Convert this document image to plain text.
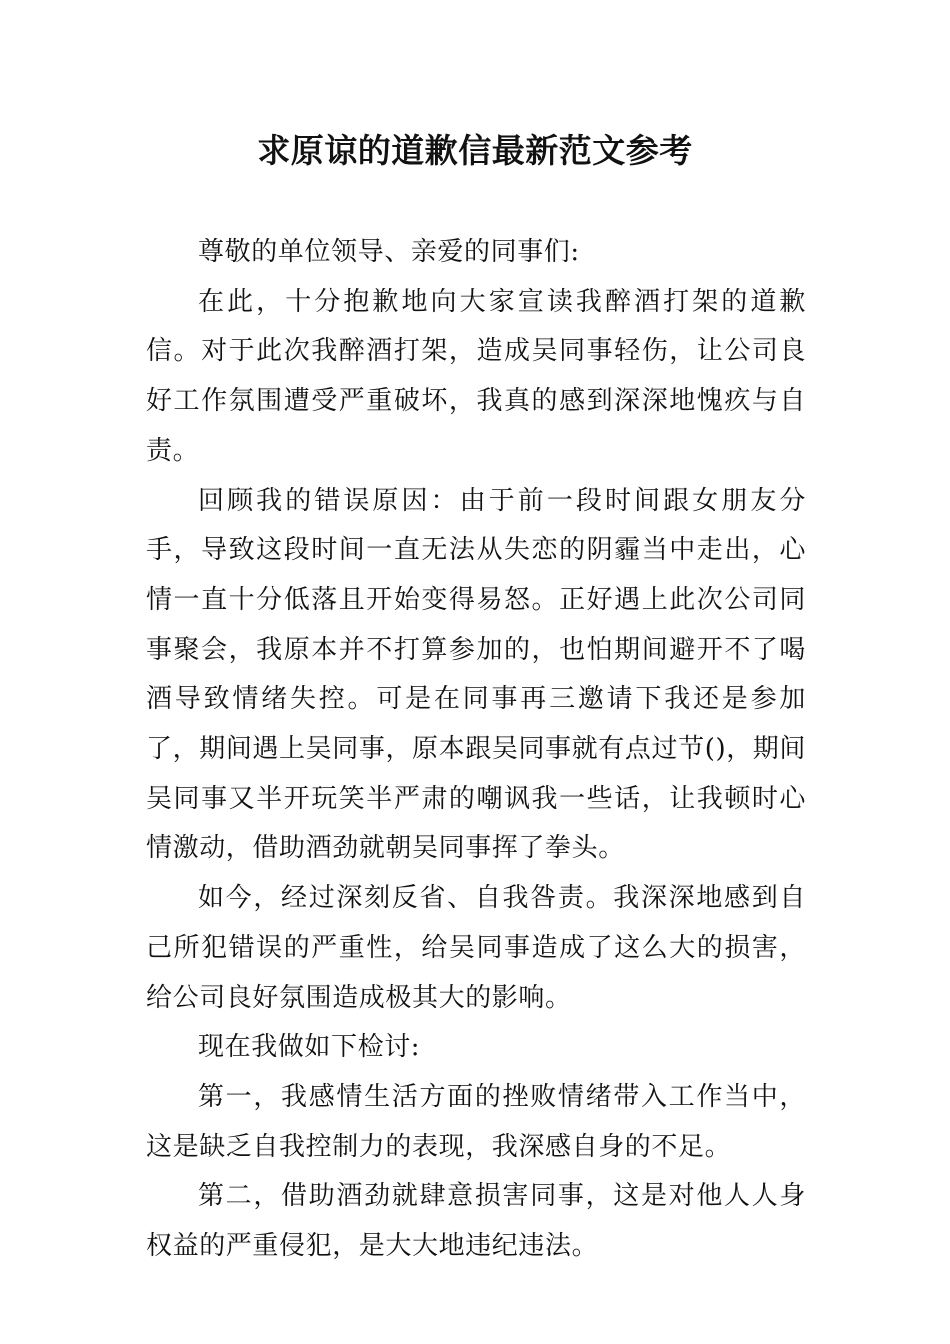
求原谅的道歉信最新范文参考

尊敬的单位领导、亲爱的同事们:

在此，十分抱歉地向大家宣读我醉酒打架的道歉信。对于此次我醉酒打架，造成吴同事轻伤，让公司良好工作氛围遭受严重破坏，我真的感到深深地愧疚与自责。

回顾我的错误原因：由于前一段时间跟女朋友分手，导致这段时间一直无法从失恋的阴霾当中走出，心情一直十分低落且开始变得易怒。正好遇上此次公司同事聚会，我原本并不打算参加的，也怕期间避开不了喝酒导致情绪失控。可是在同事再三邀请下我还是参加了，期间遇上吴同事，原本跟吴同事就有点过节()，期间吴同事又半开玩笑半严肃的嘲讽我一些话，让我顿时心情激动，借助酒劲就朝吴同事挥了拳头。

如今，经过深刻反省、自我咎责。我深深地感到自己所犯错误的严重性，给吴同事造成了这么大的损害，给公司良好氛围造成极其大的影响。

现在我做如下检讨:

第一，我感情生活方面的挫败情绪带入工作当中，这是缺乏自我控制力的表现，我深感自身的不足。

第二，借助酒劲就肆意损害同事，这是对他人人身权益的严重侵犯，是大大地违纪违法。
